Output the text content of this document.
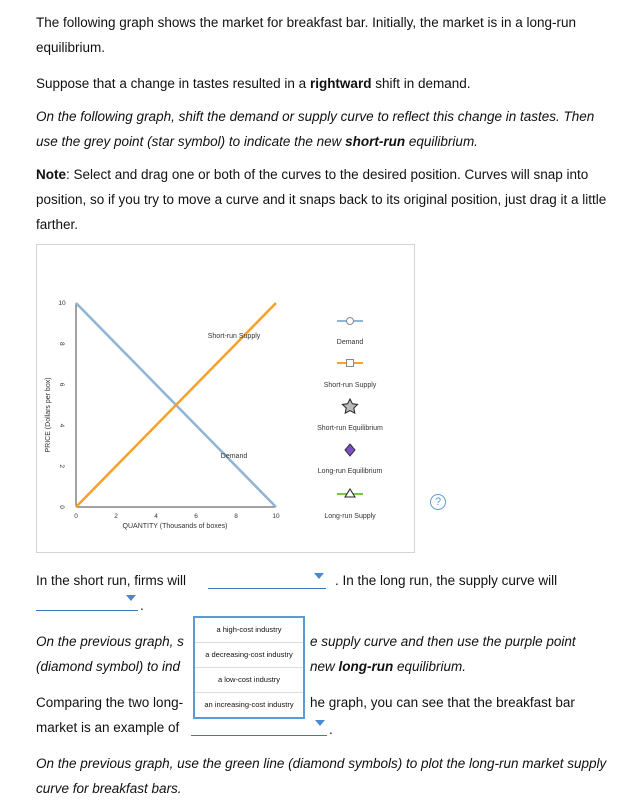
The following graph shows the market for breakfast bar. Initially, the market is in a long-run equilibrium.

Suppose that a change in tastes resulted in a rightward shift in demand.

On the following graph, shift the demand or supply curve to reflect this change in tastes. Then use the grey point (star symbol) to indicate the new short-run equilibrium.

Note: Select and drag one or both of the curves to the desired position. Curves will snap into position, so if you try to move a curve and it snaps back to its original position, just drag it a little farther.

?
PRICE (Dollars per box)
0
2
4
6
8
10
0	2	4	6	8	10
QUANTITY (Thousands of boxes)
Short-run Supply
Demand
Demand
Short-run Supply
Short-run Equilibrium
Long-run Equilibrium
Long-run Supply
In the short run, firms will	. In the long run, the supply curve will
.
On the previous graph, s	e supply curve and then use the purple point
(diamond symbol) to ind	new long-run equilibrium.
Comparing the two long-	he graph, you can see that the breakfast bar
market is an example of	.
a high-cost industry
a decreasing-cost industry
a low-cost industry
an increasing-cost industry

On the previous graph, use the green line (diamond symbols) to plot the long-run market supply curve for breakfast bars.
